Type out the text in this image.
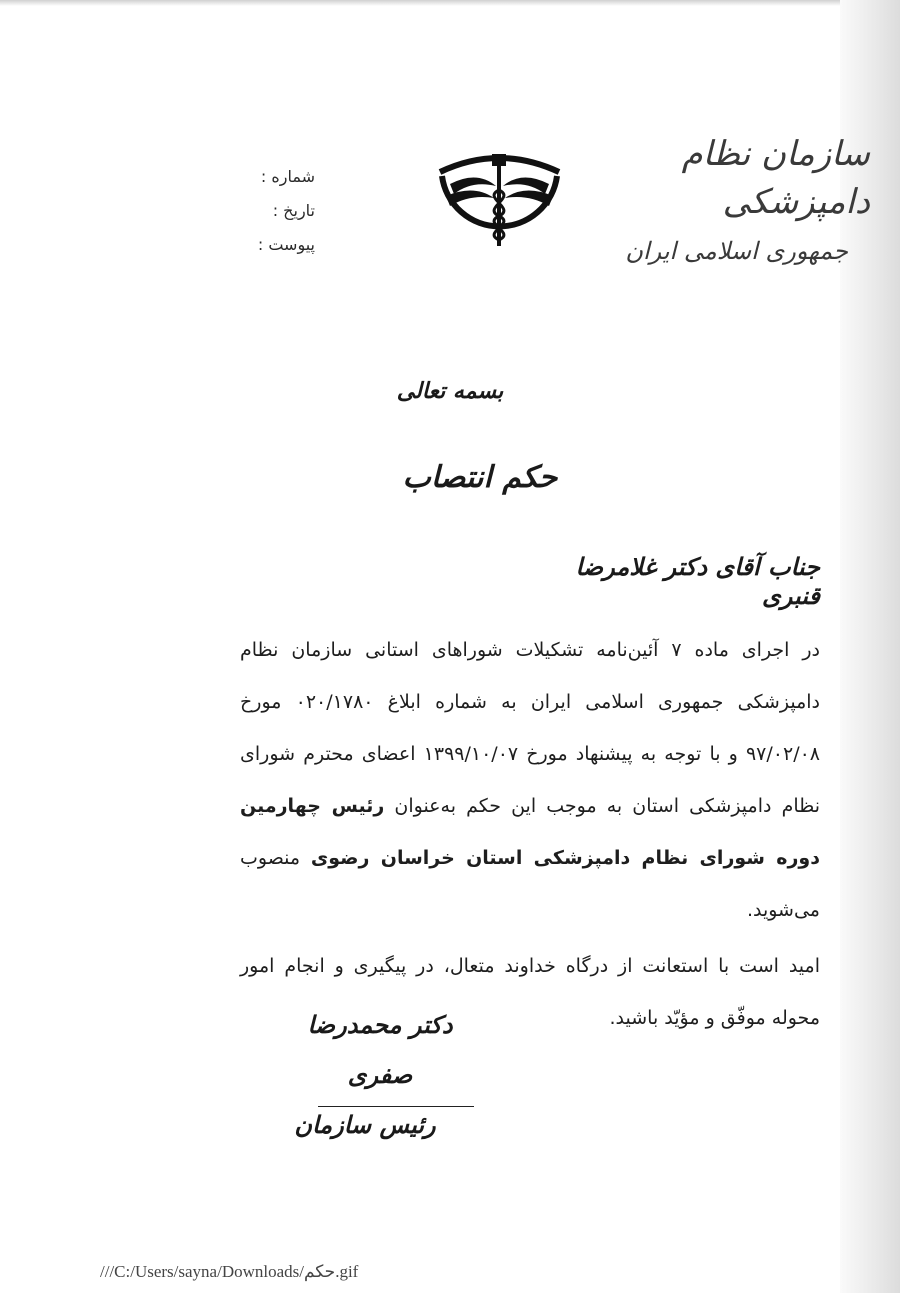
سازمان نظام دامپزشکی
جمهوری اسلامی ایران
شماره :
تاریخ :
پیوست :
بسمه تعالی
حکم انتصاب
جناب آقای دکتر غلامرضا قنبری

در اجرای ماده ۷ آئین‌نامه تشکیلات شوراهای استانی سازمان نظام دامپزشکی جمهوری اسلامی ایران به شماره ابلاغ ۰۲۰/۱۷۸۰ مورخ ۹۷/۰۲/۰۸ و با توجه به پیشنهاد مورخ ۱۳۹۹/۱۰/۰۷ اعضای محترم شورای نظام دامپزشکی استان به موجب این حکم به‌عنوان رئیس چهارمین دوره شورای نظام دامپزشکی استان خراسان رضوی منصوب می‌شوید.

امید است با استعانت از درگاه خداوند متعال، در پیگیری و انجام امور محوله موفّق و مؤیّد باشید.

دکتر محمدرضا صفری
رئیس سازمان
///C:/Users/sayna/Downloads/حکم.gif
